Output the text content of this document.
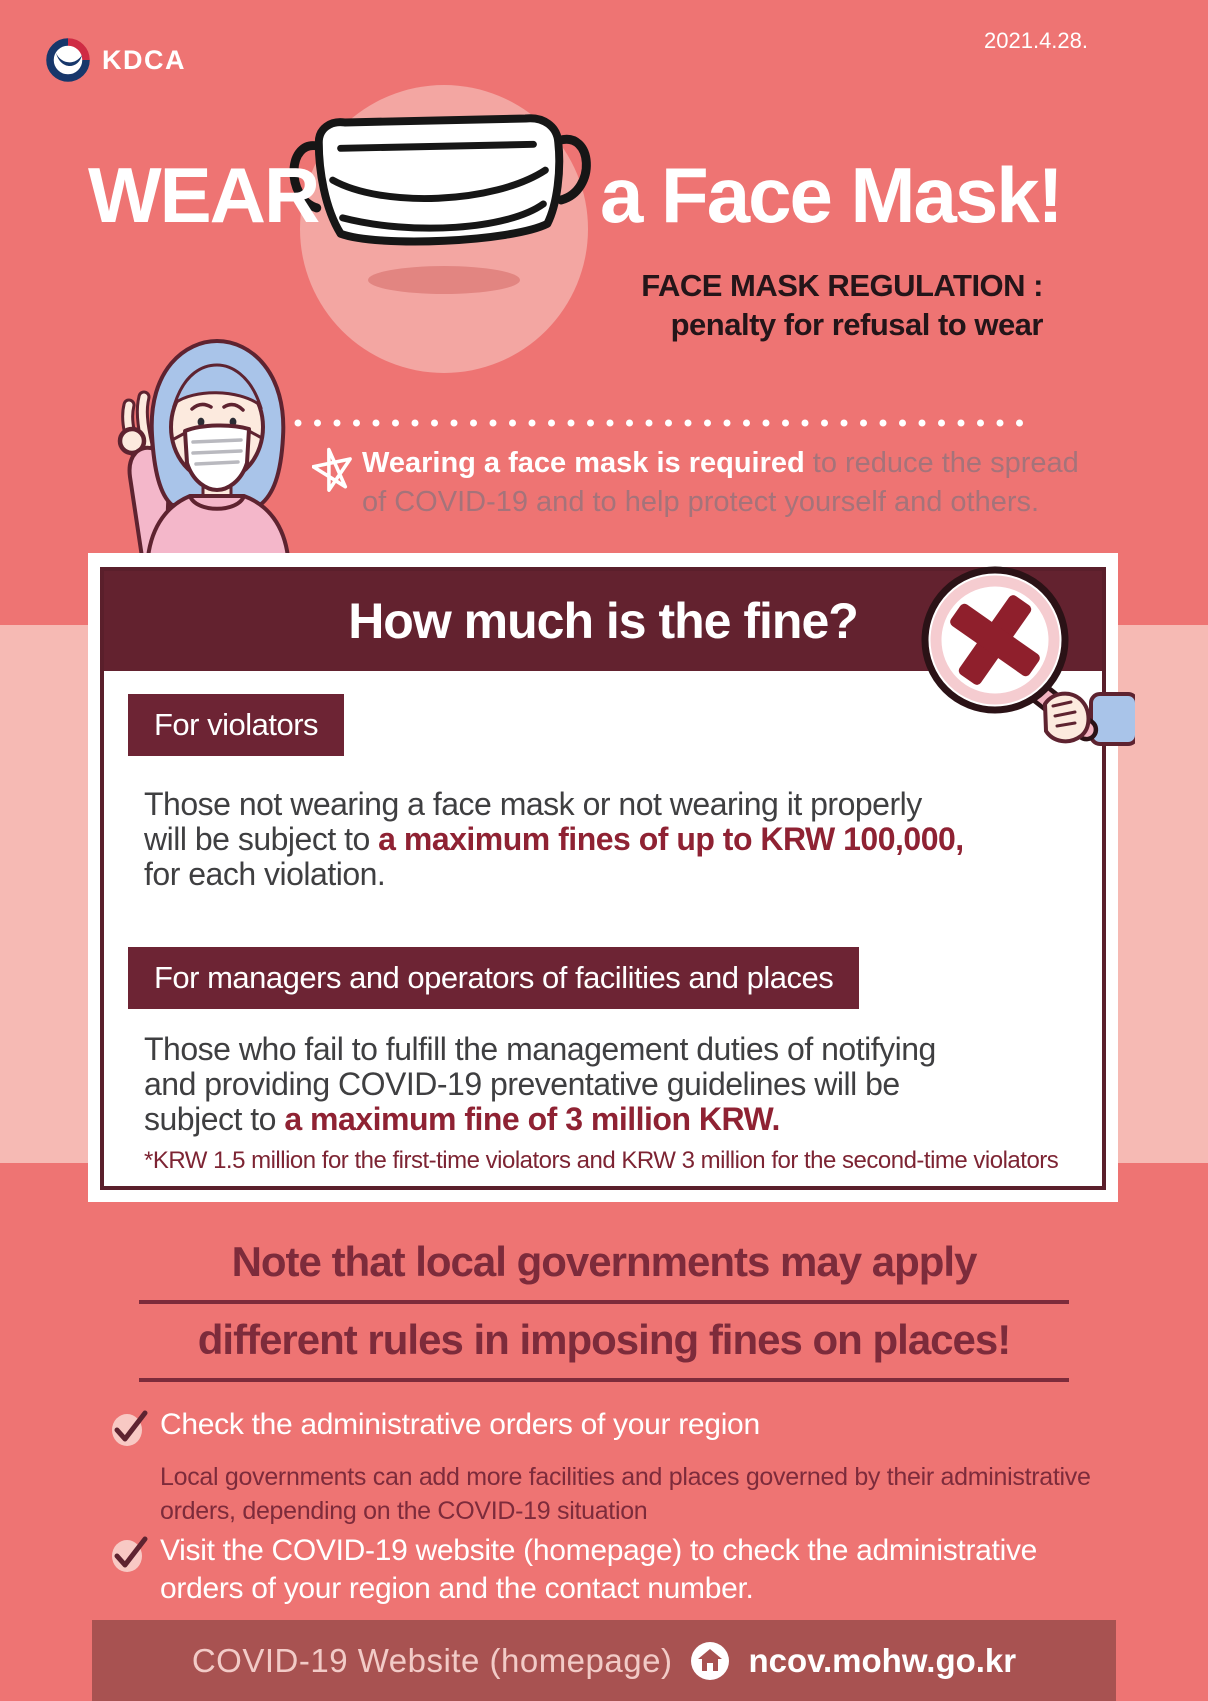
KDCA
2021.4.28.
WEAR	a Face Mask!
FACE MASK REGULATION :
penalty for refusal to wear
Wearing a face mask is required to reduce the spread
of COVID-19 and to help protect yourself and others.
How much is the fine?
For violators
Those not wearing a face mask or not wearing it properly
will be subject to a maximum fines of up to KRW 100,000,
for each violation.
For managers and operators of facilities and places
Those who fail to fulfill the management duties of notifying
and providing COVID-19 preventative guidelines will be
subject to a maximum fine of 3 million KRW.
*KRW 1.5 million for the first-time violators and KRW 3 million for the second-time violators
Note that local governments may apply
different rules in imposing fines on places!
Check the administrative orders of your region
Local governments can add more facilities and places governed by their administrative
orders, depending on the COVID-19 situation
Visit the COVID-19 website (homepage) to check the administrative
orders of your region and the contact number.
COVID-19 Website (homepage) ncov.mohw.go.kr
